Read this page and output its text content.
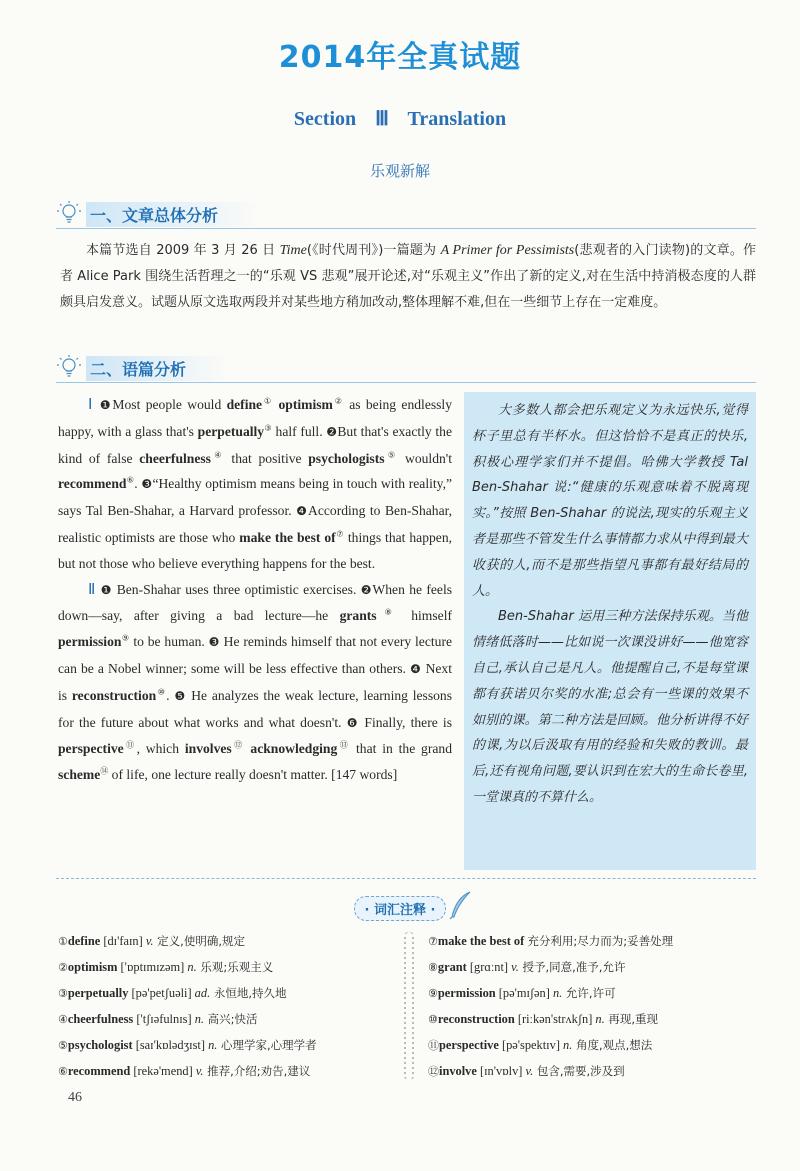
2014年全真试题
Section Ⅲ Translation
乐观新解
一、文章总体分析
本篇节选自 2009 年 3 月 26 日 Time(《时代周刊》)一篇题为 A Primer for Pessimists(悲观者的入门读物)的文章。作者 Alice Park 围绕生活哲理之一的“乐观 VS 悲观”展开论述,对“乐观主义”作出了新的定义,对在生活中持消极态度的人群颇具启发意义。试题从原文选取两段并对某些地方稍加改动,整体理解不难,但在一些细节上存在一定难度。
二、语篇分析

Ⅰ ❶Most people would define① optimism② as being endlessly happy, with a glass that's perpetually③ half full. ❷But that's exactly the kind of false cheerfulness④ that positive psychologists⑤ wouldn't recommend⑥. ❸“Healthy optimism means being in touch with reality,” says Tal Ben-Shahar, a Harvard professor. ❹According to Ben-Shahar, realistic optimists are those who make the best of⑦ things that happen, but not those who believe everything happens for the best.

Ⅱ ❶ Ben-Shahar uses three optimistic exercises. ❷When he feels down—say, after giving a bad lecture—he grants⑧ himself permission⑨ to be human. ❸ He reminds himself that not every lecture can be a Nobel winner; some will be less effective than others. ❹ Next is reconstruction⑩. ❺ He analyzes the weak lecture, learning lessons for the future about what works and what doesn't. ❻ Finally, there is perspective⑪, which involves⑫ acknowledging⑬ that in the grand scheme⑭ of life, one lecture really doesn't matter. [147 words]

大多数人都会把乐观定义为永远快乐,觉得杯子里总有半杯水。但这恰恰不是真正的快乐,积极心理学家们并不提倡。哈佛大学教授 Tal Ben-Shahar 说:“健康的乐观意味着不脱离现实。”按照 Ben-Shahar 的说法,现实的乐观主义者是那些不管发生什么事情都力求从中得到最大收获的人,而不是那些指望凡事都有最好结局的人。

Ben-Shahar 运用三种方法保持乐观。当他情绪低落时——比如说一次课没讲好——他宽容自己,承认自己是凡人。他提醒自己,不是每堂课都有获诺贝尔奖的水准;总会有一些课的效果不如别的课。第二种方法是回顾。他分析讲得不好的课,为以后汲取有用的经验和失败的教训。最后,还有视角问题,要认识到在宏大的生命长卷里,一堂课真的不算什么。

· 词汇注释 ·
①define [dɪ'faɪn] v. 定义,使明确,规定
②optimism ['ɒptɪmɪzəm] n. 乐观;乐观主义
③perpetually [pə'petʃuəli] ad. 永恒地,持久地
④cheerfulness ['tʃɪəfulnɪs] n. 高兴;快活
⑤psychologist [saɪ'kɒlədʒɪst] n. 心理学家,心理学者
⑥recommend [rekə'mend] v. 推荐,介绍;劝告,建议
⑦make the best of 充分利用;尽力而为;妥善处理
⑧grant [grɑːnt] v. 授予,同意,准予,允许
⑨permission [pə'mɪʃən] n. 允许,许可
⑩reconstruction [riːkən'strʌkʃn] n. 再现,重现
⑪perspective [pə'spektɪv] n. 角度,观点,想法
⑫involve [ɪn'vɒlv] v. 包含,需要,涉及到
46
